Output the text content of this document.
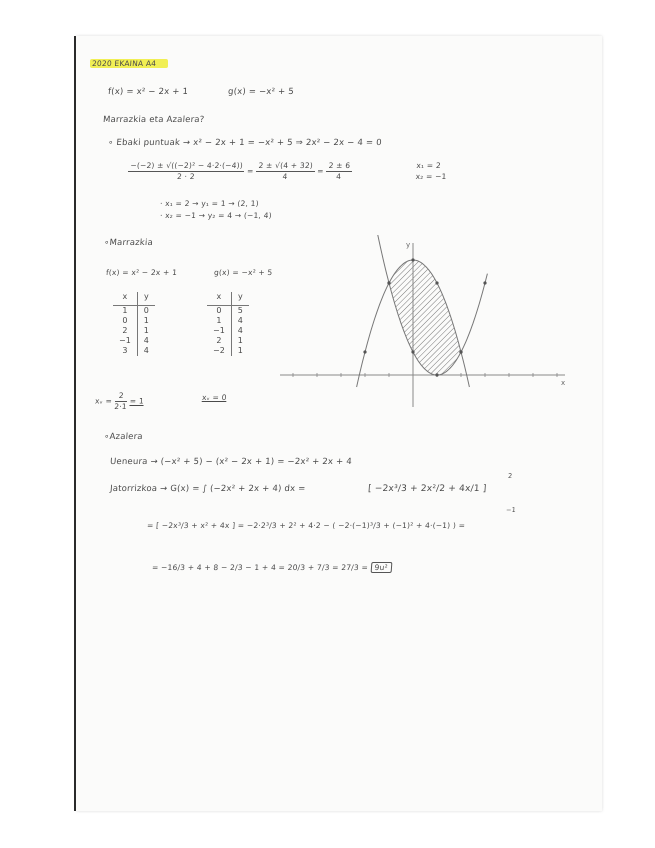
2020 EKAINA A4
f(x) = x² − 2x + 1	g(x) = −x² + 5
Marrazkia eta Azalera?
∘ Ebaki puntuak → x² − 2x + 1 = −x² + 5 ⇒ 2x² − 2x − 4 = 0
$\frac{\text{−(−2) ± √((−2)² − 4·2·(−4))}}{2 \cdot 2}$
=
$\frac{2 \pm √(4 + 32)}{4}$
=
$\frac{2 \pm 6}{4}$	x₁ = 2
x₂ = −1
· x₁ = 2 → y₁ = 1 → (2, 1)
· x₂ = −1 → y₂ = 4 → (−1, 4)
∘Marrazkia
f(x) = x² − 2x + 1	g(x) = −x² + 5
x	y
1	0
0	1
2	1
−1	4
3	4
x	y
0	5
1	4
−1	4
2	1
−2	1
xᵥ = $\frac{2}{2\cdot 1} = 1$	xᵥ = 0
x
y
∘Azalera
Ueneura → (−x² + 5) − (x² − 2x + 1) = −2x² + 2x + 4
Jatorrizkoa → G(x) = ∫ (−2x² + 2x + 4) dx =	[ −2x³/3 + 2x²/2 + 4x/1 ]
2
−1
= [ −2x³/3 + x² + 4x ] = −2·2³/3 + 2² + 4·2 − ( −2·(−1)³/3 + (−1)² + 4·(−1) ) =
= −16/3 + 4 + 8 − 2/3 − 1 + 4 = 20/3 + 7/3 = 27/3 = 9u²
